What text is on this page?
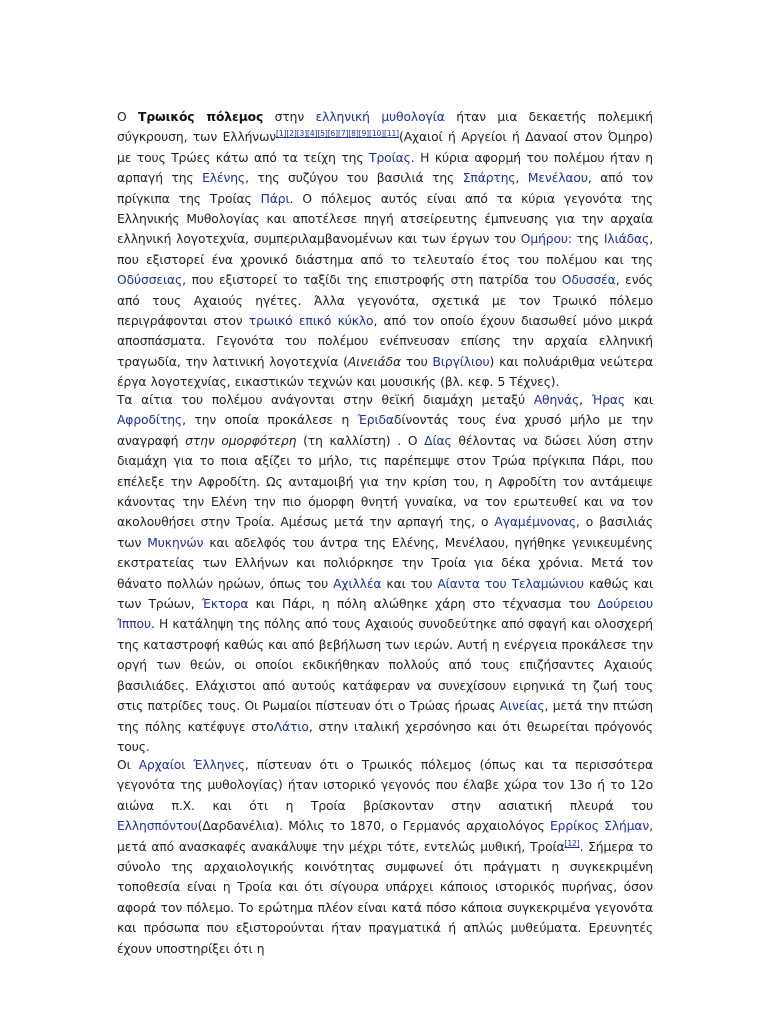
Ο Τρωικός πόλεμος στην ελληνική μυθολογία ήταν μια δεκαετής πολεμική σύγκρουση, των Ελλήνων[1][2][3][4][5][6][7][8][9][10][11](Αχαιοί ή Αργείοι ή Δαναοί στον Όμηρο) με τους Τρώες κάτω από τα τείχη της Τροίας. Η κύρια αφορμή του πολέμου ήταν η αρπαγή της Ελένης, της συζύγου του βασιλιά της Σπάρτης, Μενέλαου, από τον πρίγκιπα της Τροίας Πάρι. Ο πόλεμος αυτός είναι από τα κύρια γεγονότα της Ελληνικής Μυθολογίας και αποτέλεσε πηγή ατσείρευτης έμπνευσης για την αρχαία ελληνική λογοτεχνία, συμπεριλαμβανομένων και των έργων του Ομήρου: της Ιλιάδας, που εξιστορεί ένα χρονικό διάστημα από το τελευταίο έτος του πολέμου και της Οδύσσειας, που εξιστορεί το ταξίδι της επιστροφής στη πατρίδα του Οδυσσέα, ενός από τους Αχαιούς ηγέτες. Άλλα γεγονότα, σχετικά με τον Τρωικό πόλεμο περιγράφονται στον τρωικό επικό κύκλο, από τον οποίο έχουν διασωθεί μόνο μικρά αποσπάσματα. Γεγονότα του πολέμου ενέπνευσαν επίσης την αρχαία ελληνική τραγωδία, την λατινική λογοτεχνία (Αινειάδα του Βιργίλιου) και πολυάριθμα νεώτερα έργα λογοτεχνίας, εικαστικών τεχνών και μουσικής (βλ. κεφ. 5 Τέχνες).

Τα αίτια του πολέμου ανάγονται στην θεϊκή διαμάχη μεταξύ Αθηνάς, Ήρας και Αφροδίτης, την οποία προκάλεσε η Έριδαδίνοντάς τους ένα χρυσό μήλο με την αναγραφή στην ομορφότερη (τη καλλίστη) . Ο Δίας θέλοντας να δώσει λύση στην διαμάχη για το ποια αξίζει το μήλο, τις παρέπεμψε στον Τρώα πρίγκιπα Πάρι, που επέλεξε την Αφροδίτη. Ως ανταμοιβή για την κρίση του, η Αφροδίτη τον αντάμειψε κάνοντας την Ελένη την πιο όμορφη θνητή γυναίκα, να τον ερωτευθεί και να τον ακολουθήσει στην Τροία. Αμέσως μετά την αρπαγή της, ο Αγαμέμνονας, ο βασιλιάς των Μυκηνών και αδελφός του άντρα της Ελένης, Μενέλαου, ηγήθηκε γενικευμένης εκστρατείας των Ελλήνων και πολιόρκησε την Τροία για δέκα χρόνια. Μετά τον θάνατο πολλών ηρώων, όπως του Αχιλλέα και του Αίαντα του Τελαμώνιου καθώς και των Τρώων, Έκτορα και Πάρι, η πόλη αλώθηκε χάρη στο τέχνασμα του Δούρειου Ίππου. Η κατάληψη της πόλης από τους Αχαιούς συνοδεύτηκε από σφαγή και ολοσχερή της καταστροφή καθώς και από βεβήλωση των ιερών. Αυτή η ενέργεια προκάλεσε την οργή των θεών, οι οποίοι εκδικήθηκαν πολλούς από τους επιζήσαντες Αχαιούς βασιλιάδες. Ελάχιστοι από αυτούς κατάφεραν να συνεχίσουν ειρηνικά τη ζωή τους στις πατρίδες τους. Οι Ρωμαίοι πίστευαν ότι ο Τρώας ήρωας Αινείας, μετά την πτώση της πόλης κατέφυγε στοΛάτιο, στην ιταλική χερσόνησο και ότι θεωρείται πρόγονός τους.

Οι Αρχαίοι Έλληνες, πίστευαν ότι ο Τρωικός πόλεμος (όπως και τα περισσότερα γεγονότα της μυθολογίας) ήταν ιστορικό γεγονός που έλαβε χώρα τον 13ο ή το 12ο αιώνα π.Χ. και ότι η Τροία βρίσκονταν στην ασιατική πλευρά του Ελλησπόντου(Δαρδανέλια). Μόλις το 1870, ο Γερμανός αρχαιολόγος Ερρίκος Σλήμαν, μετά από ανασκαφές ανακάλυψε την μέχρι τότε, εντελώς μυθική, Τροία[12]. Σήμερα το σύνολο της αρχαιολογικής κοινότητας συμφωνεί ότι πράγματι η συγκεκριμένη τοποθεσία είναι η Τροία και ότι σίγουρα υπάρχει κάποιος ιστορικός πυρήνας, όσον αφορά τον πόλεμο. Το ερώτημα πλέον είναι κατά πόσο κάποια συγκεκριμένα γεγονότα και πρόσωπα που εξιστορούνται ήταν πραγματικά ή απλώς μυθεύματα. Ερευνητές έχουν υποστηρίξει ότι η
